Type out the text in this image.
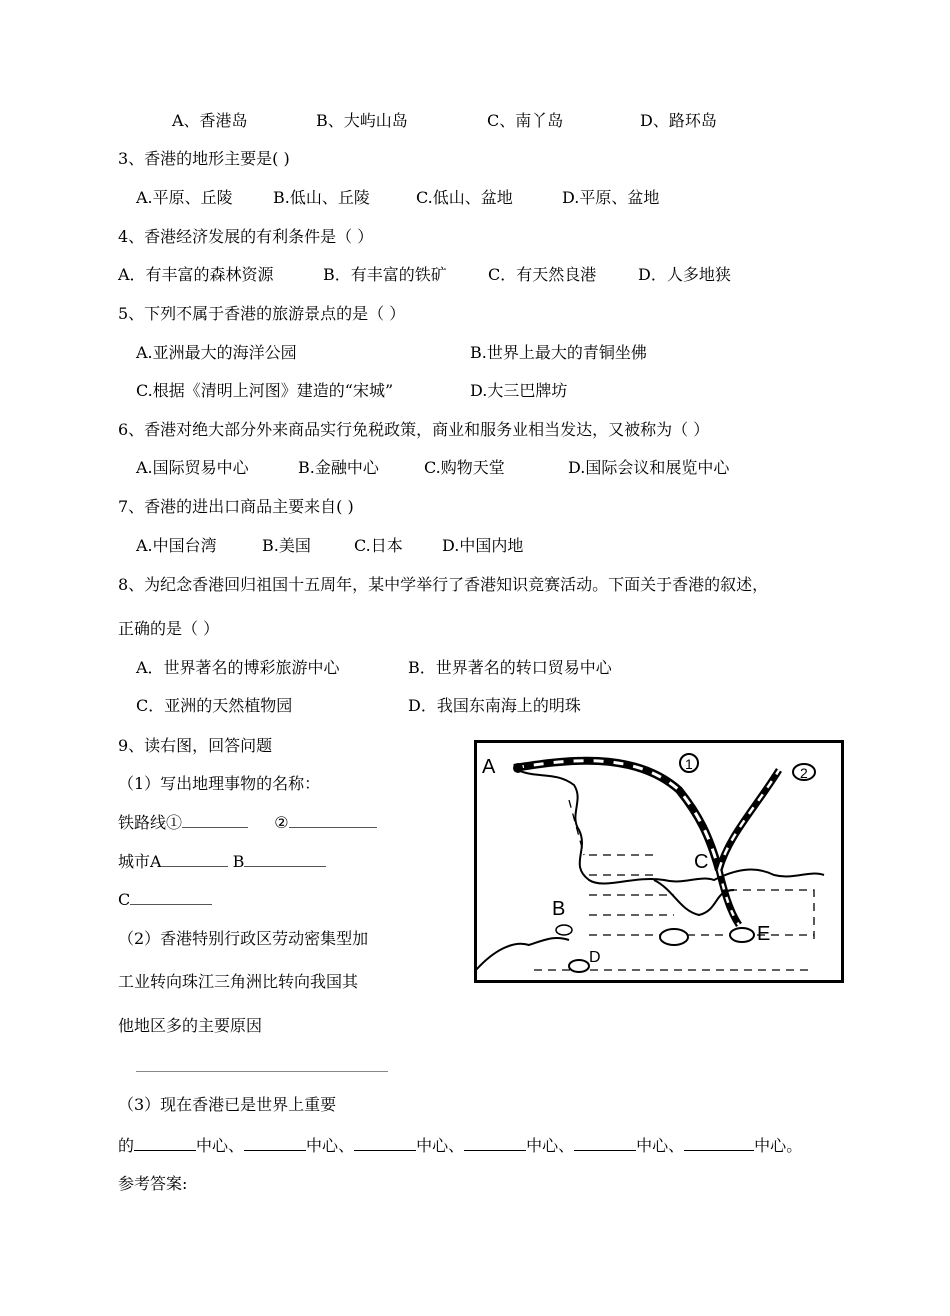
A、香港岛	B、大屿山岛	C、南丫岛	D、路环岛
3、香港的地形主要是( )
A.平原、丘陵	B.低山、丘陵	C.低山、盆地	D.平原、盆地
4、香港经济发展的有利条件是（ ）
A．有丰富的森林资源	B．有丰富的铁矿	C．有天然良港	D．人多地狭
5、下列不属于香港的旅游景点的是（ ）
A.亚洲最大的海洋公园	B.世界上最大的青铜坐佛
C.根据《清明上河图》建造的“宋城”	D.大三巴牌坊
6、香港对绝大部分外来商品实行免税政策，商业和服务业相当发达，又被称为（ ）
A.国际贸易中心	B.金融中心	C.购物天堂	D.国际会议和展览中心
7、香港的进出口商品主要来自( )
A.中国台湾	B.美国	C.日本 D.中国内地
8、为纪念香港回归祖国十五周年，某中学举行了香港知识竞赛活动。下面关于香港的叙述，
正确的是（ ）
A．世界著名的博彩旅游中心	B．世界著名的转口贸易中心
C．亚洲的天然植物园	D．我国东南海上的明珠
9、读右图，回答问题
（1）写出地理事物的名称：
铁路线①	②
城市A	B
C
（2）香港特别行政区劳动密集型加
工业转向珠江三角洲比转向我国其
他地区多的主要原因
（3）现在香港已是世界上重要
的	中心、	中心、	中心、	中心、	中心、	中心。
参考答案:
A
B
C
D
E
1
2
